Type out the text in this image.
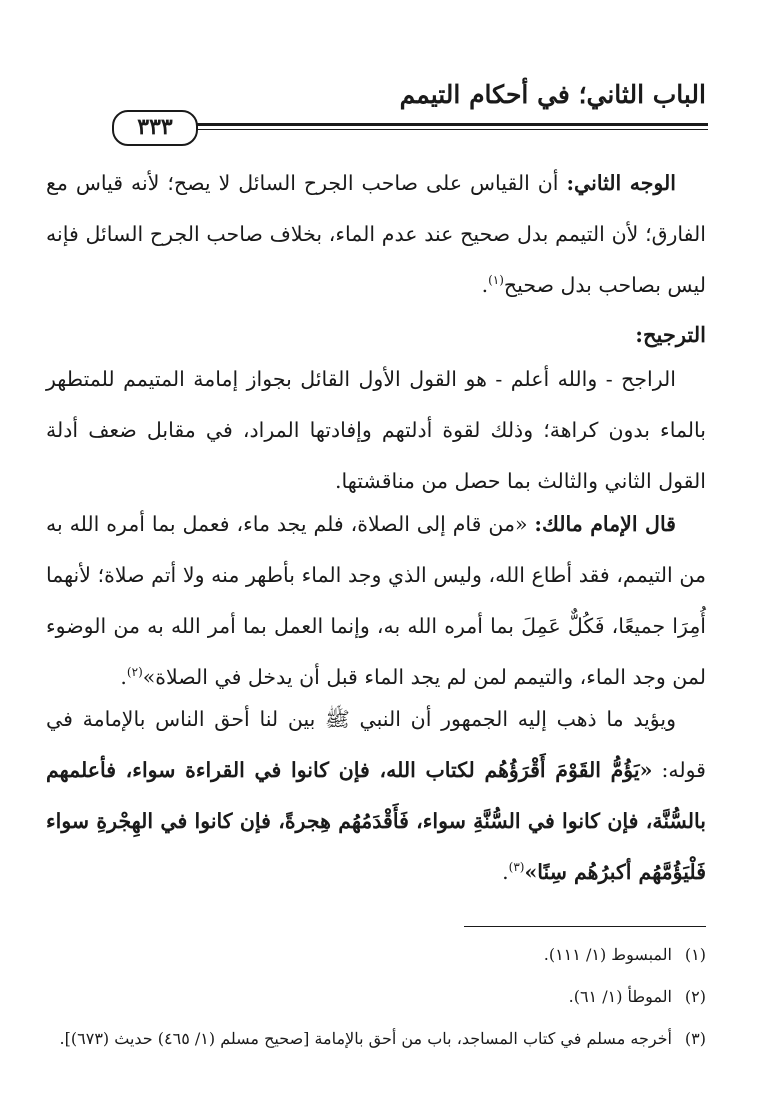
الباب الثاني؛ في أحكام التيمم
٣٣٣

الوجه الثاني: أن القياس على صاحب الجرح السائل لا يصح؛ لأنه قياس مع الفارق؛ لأن التيمم بدل صحيح عند عدم الماء، بخلاف صاحب الجرح السائل فإنه ليس بصاحب بدل صحيح$^{(١)}$.

الترجيح:

الراجح - والله أعلم - هو القول الأول القائل بجواز إمامة المتيمم للمتطهر بالماء بدون كراهة؛ وذلك لقوة أدلتهم وإفادتها المراد، في مقابل ضعف أدلة القول الثاني والثالث بما حصل من مناقشتها.

قال الإمام مالك: «من قام إلى الصلاة، فلم يجد ماء، فعمل بما أمره الله به من التيمم، فقد أطاع الله، وليس الذي وجد الماء بأطهر منه ولا أتم صلاة؛ لأنهما أُمِرَا جميعًا، فَكُلٌّ عَمِلَ بما أمره الله به، وإنما العمل بما أمر الله به من الوضوء لمن وجد الماء، والتيمم لمن لم يجد الماء قبل أن يدخل في الصلاة»$^{(٢)}$.

ويؤيد ما ذهب إليه الجمهور أن النبي ﷺ بين لنا أحق الناس بالإمامة في قوله: «يَؤُمُّ القَوْمَ أَقْرَؤُهُم لكتاب الله، فإن كانوا في القراءة سواء، فأعلمهم بالسُّنَّة، فإن كانوا في السُّنَّةِ سواء، فَأَقْدَمُهُم هِجرةً، فإن كانوا في الهِجْرةِ سواء فَلْيَؤُمَّهُم أكبرُهُم سِنًا»$^{(٣)}$.

(١)المبسوط (١/ ١١١).

(٢)الموطأ (١/ ٦١).

(٣)أخرجه مسلم في كتاب المساجد، باب من أحق بالإمامة [صحيح مسلم (١/ ٤٦٥) حديث (٦٧٣)].
